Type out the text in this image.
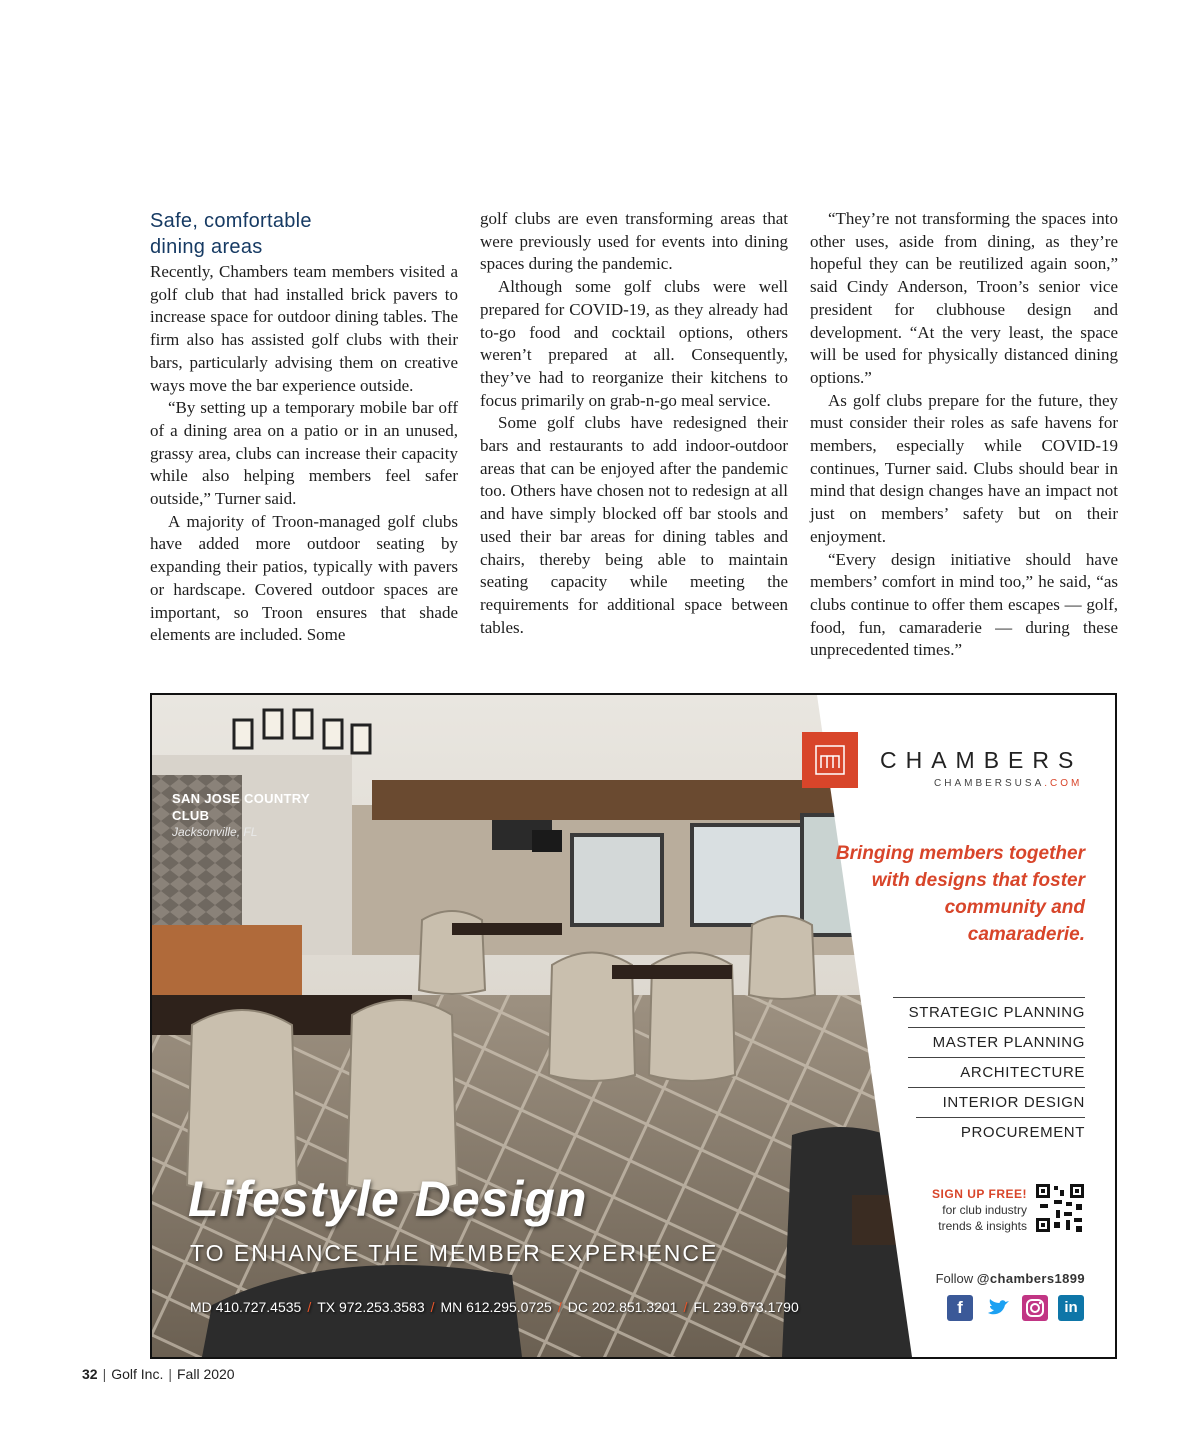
Safe, comfortable
dining areas

Recently, Chambers team members visited a golf club that had installed brick pavers to increase space for outdoor dining tables. The firm also has assisted golf clubs with their bars, particularly advising them on creative ways move the bar experience outside.

“By setting up a temporary mobile bar off of a dining area on a patio or in an unused, grassy area, clubs can increase their capacity while also helping members feel safer outside,” Turner said.

A majority of Troon-managed golf clubs have added more outdoor seating by expanding their patios, typically with pavers or hardscape. Covered outdoor spaces are important, so Troon ensures that shade elements are included. Some

golf clubs are even transforming areas that were previously used for events into dining spaces during the pandemic.

Although some golf clubs were well prepared for COVID-19, as they already had to-go food and cocktail options, others weren’t prepared at all. Consequently, they’ve had to reorganize their kitchens to focus primarily on grab-n-go meal service.

Some golf clubs have redesigned their bars and restaurants to add indoor-outdoor areas that can be enjoyed after the pandemic too. Others have chosen not to redesign at all and have simply blocked off bar stools and used their bar areas for dining tables and chairs, thereby being able to maintain seating capacity while meeting the requirements for additional space between tables.

“They’re not transforming the spaces into other uses, aside from dining, as they’re hopeful they can be reutilized again soon,” said Cindy Anderson, Troon’s senior vice president for clubhouse design and development. “At the very least, the space will be used for physically distanced dining options.”

As golf clubs prepare for the future, they must consider their roles as safe havens for members, especially while COVID-19 continues, Turner said. Clubs should bear in mind that design changes have an impact not just on members’ safety but on their enjoyment.

“Every design initiative should have members’ comfort in mind too,” he said, “as clubs continue to offer them escapes — golf, food, fun, camaraderie — during these unprecedented times.”

SAN JOSE COUNTRY CLUB
Jacksonville, FL
Lifestyle Design
TO ENHANCE THE MEMBER EXPERIENCE
MD 410.727.4535 / TX 972.253.3583 / MN 612.295.0725 / DC 202.851.3201 / FL 239.673.1790
CHAMBERS
CHAMBERSUSA.COM
Bringing members together with designs that foster community and camaraderie.
STRATEGIC PLANNING
MASTER PLANNING
ARCHITECTURE
INTERIOR DESIGN
PROCUREMENT
SIGN UP FREE!
for club industry
trends & insights
Follow @chambers1899
f	in
32 | Golf Inc. | Fall 2020
